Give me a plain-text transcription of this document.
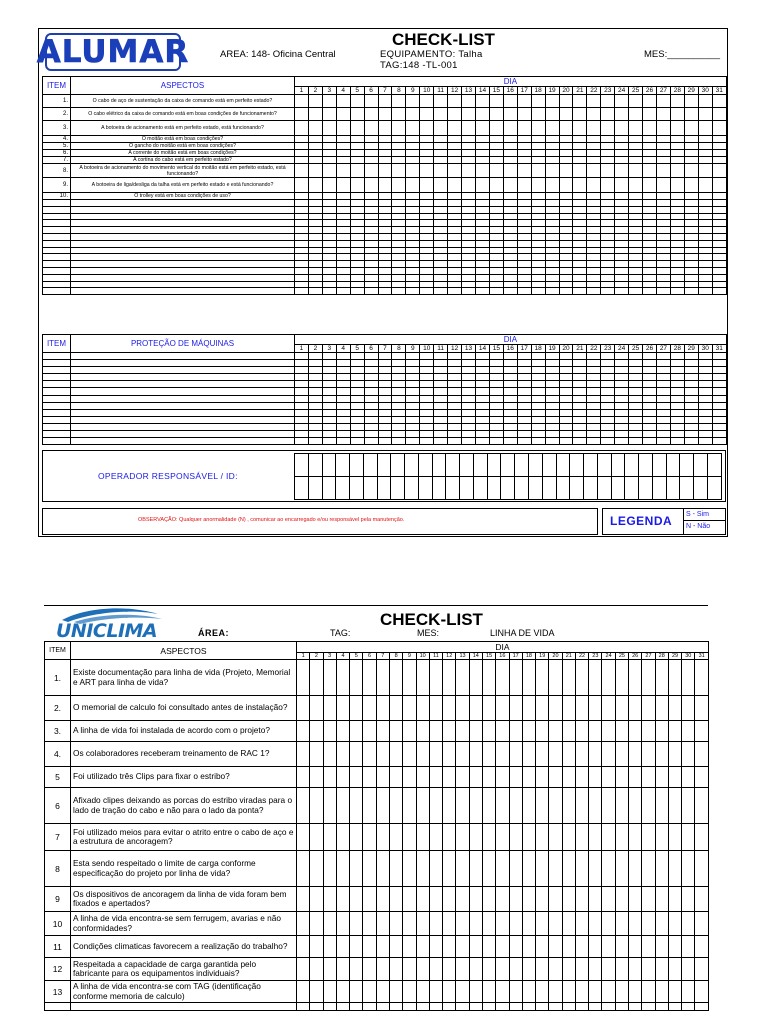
ALUMAR	AREA: 148- Oficina Central
CHECK-LIST
EQUIPAMENTO: Talha
TAG:148 -TL-001
MES:__________
ITEM	ASPECTOS	DIA																														
		1	2	3	4	5	6	7	8	9	10	11	12	13	14	15	16	17	18	19	20	21	22	23	24	25	26	27	28	29	30	31
1.	O cabo de aço de sustentação da caixa de comando está em perfeito estado?																															
2.	O cabo elétrico da caixa de comando está em boas condições de funcionamento?																															
3.	A botoeira de acionamento está em perfeito estado, está funcionando?																															
4.	O moitão está em boas condições?																															
5.	O gancho do moitão está em boas condições?																															
6.	A corrente do moitão está em boas condições?																															
7.	A cortina do cabo está em perfeito estado?																															
8.	A botoeira de acionamento do movimento vertical do moitão está em perfeito estado, está funcionando?																															
9.	A botoeira de liga/desliga da talha está em perfeito estado e está funcionando?																															
10.	O trolley está em boas condições de uso?																															

ITEM	PROTEÇÃO DE MÁQUINAS	DIA																														
		1	2	3	4	5	6	7	8	9	10	11	12	13	14	15	16	17	18	19	20	21	22	23	24	25	26	27	28	29	30	31

OPERADOR RESPONSÁVEL / ID:

OBSERVAÇÃO: Qualquer anormalidade (N) , comunicar ao encarregado e/ou responsável pela manutenção.	LEGENDA S - Sim
N - Não
UNICLIMA
CHECK-LIST
ÁREA:	TAG:	MES:	LINHA DE VIDA
ITEM	ASPECTOS	DIA																														
		1	2	3	4	5	6	7	8	9	10	11	12	13	14	15	16	17	18	19	20	21	22	23	24	25	26	27	28	29	30	31
1.	Existe documentação para linha de vida (Projeto, Memorial e ART para linha de vida?																															
2.	O memorial de calculo foi consultado antes de instalação?																															
3.	A linha de vida foi instalada de acordo com o projeto?																															
4.	Os colaboradores receberam treinamento de RAC 1?																															
5	Foi utilizado três Clips para fixar o estribo?																															
6	Afixado clipes deixando as porcas do estribo viradas para o lado de tração do cabo e não para o lado da ponta?																															
7	Foi utilizado meios para evitar o atrito entre o cabo de aço e a estrutura de ancoragem?																															
8	Esta sendo respeitado o limite de carga conforme especificação do projeto por linha de vida?																															
9	Os dispositivos de ancoragem da linha de vida foram bem fixados e apertados?																															
10	A linha de vida encontra-se sem ferrugem, avarias e não conformidades?																															
11	Condições climaticas favorecem a realização do trabalho?																															
12	Respeitada a capacidade de carga garantida pelo fabricante para os equipamentos individuais?																															
13	A linha de vida encontra-se com TAG (identificação conforme memoria de calculo)																															
